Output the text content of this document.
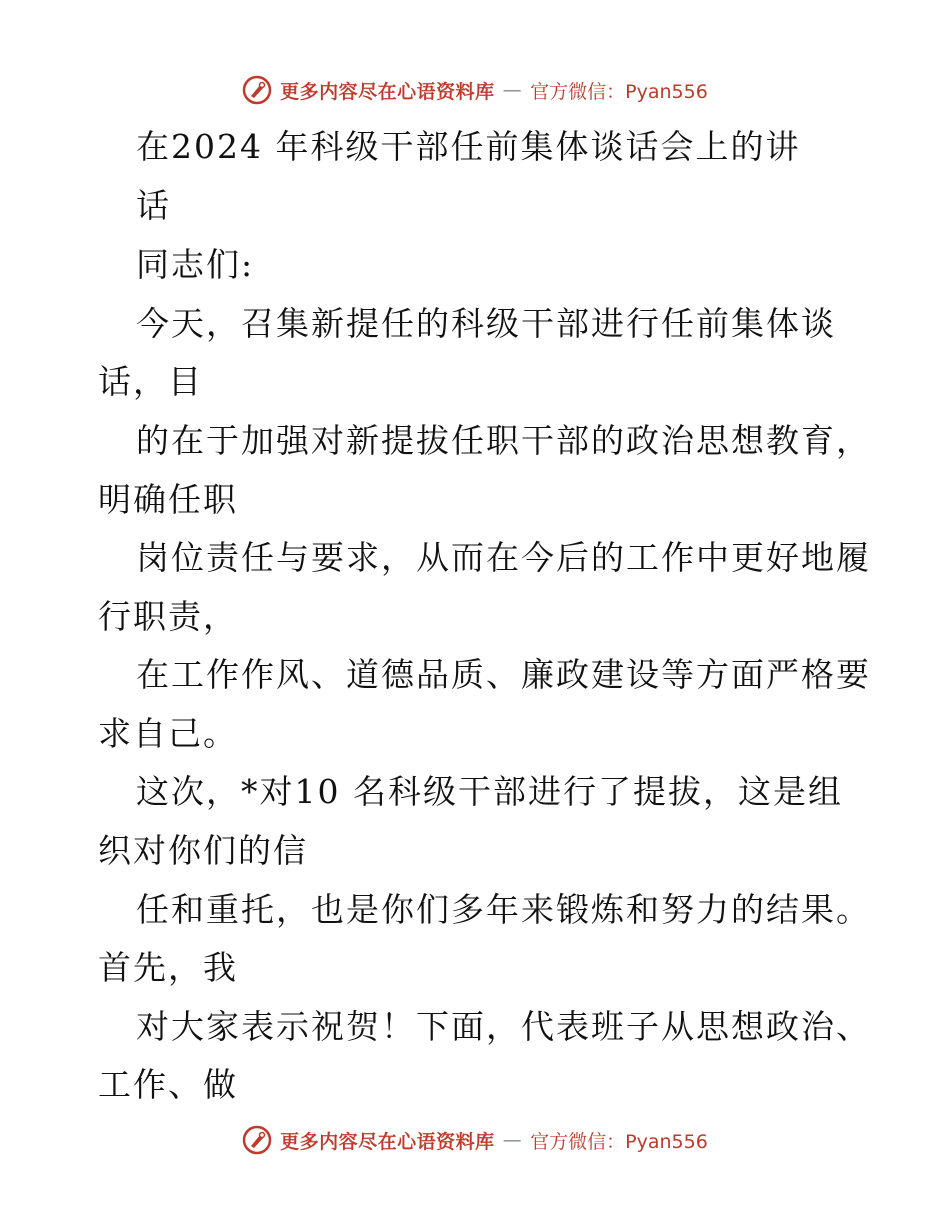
更多内容尽在心语资料库 — 官方微信：Pyan556
在2024 年科级干部任前集体谈话会上的讲
话
同志们:
今天，召集新提任的科级干部进行任前集体谈
话，目
的在于加强对新提拔任职干部的政治思想教育，
明确任职
岗位责任与要求，从而在今后的工作中更好地履
行职责，
在工作作风、道德品质、廉政建设等方面严格要
求自己。
这次，*对10 名科级干部进行了提拔，这是组
织对你们的信
任和重托，也是你们多年来锻炼和努力的结果。
首先，我
对大家表示祝贺！下面，代表班子从思想政治、
工作、做
更多内容尽在心语资料库 — 官方微信：Pyan556
